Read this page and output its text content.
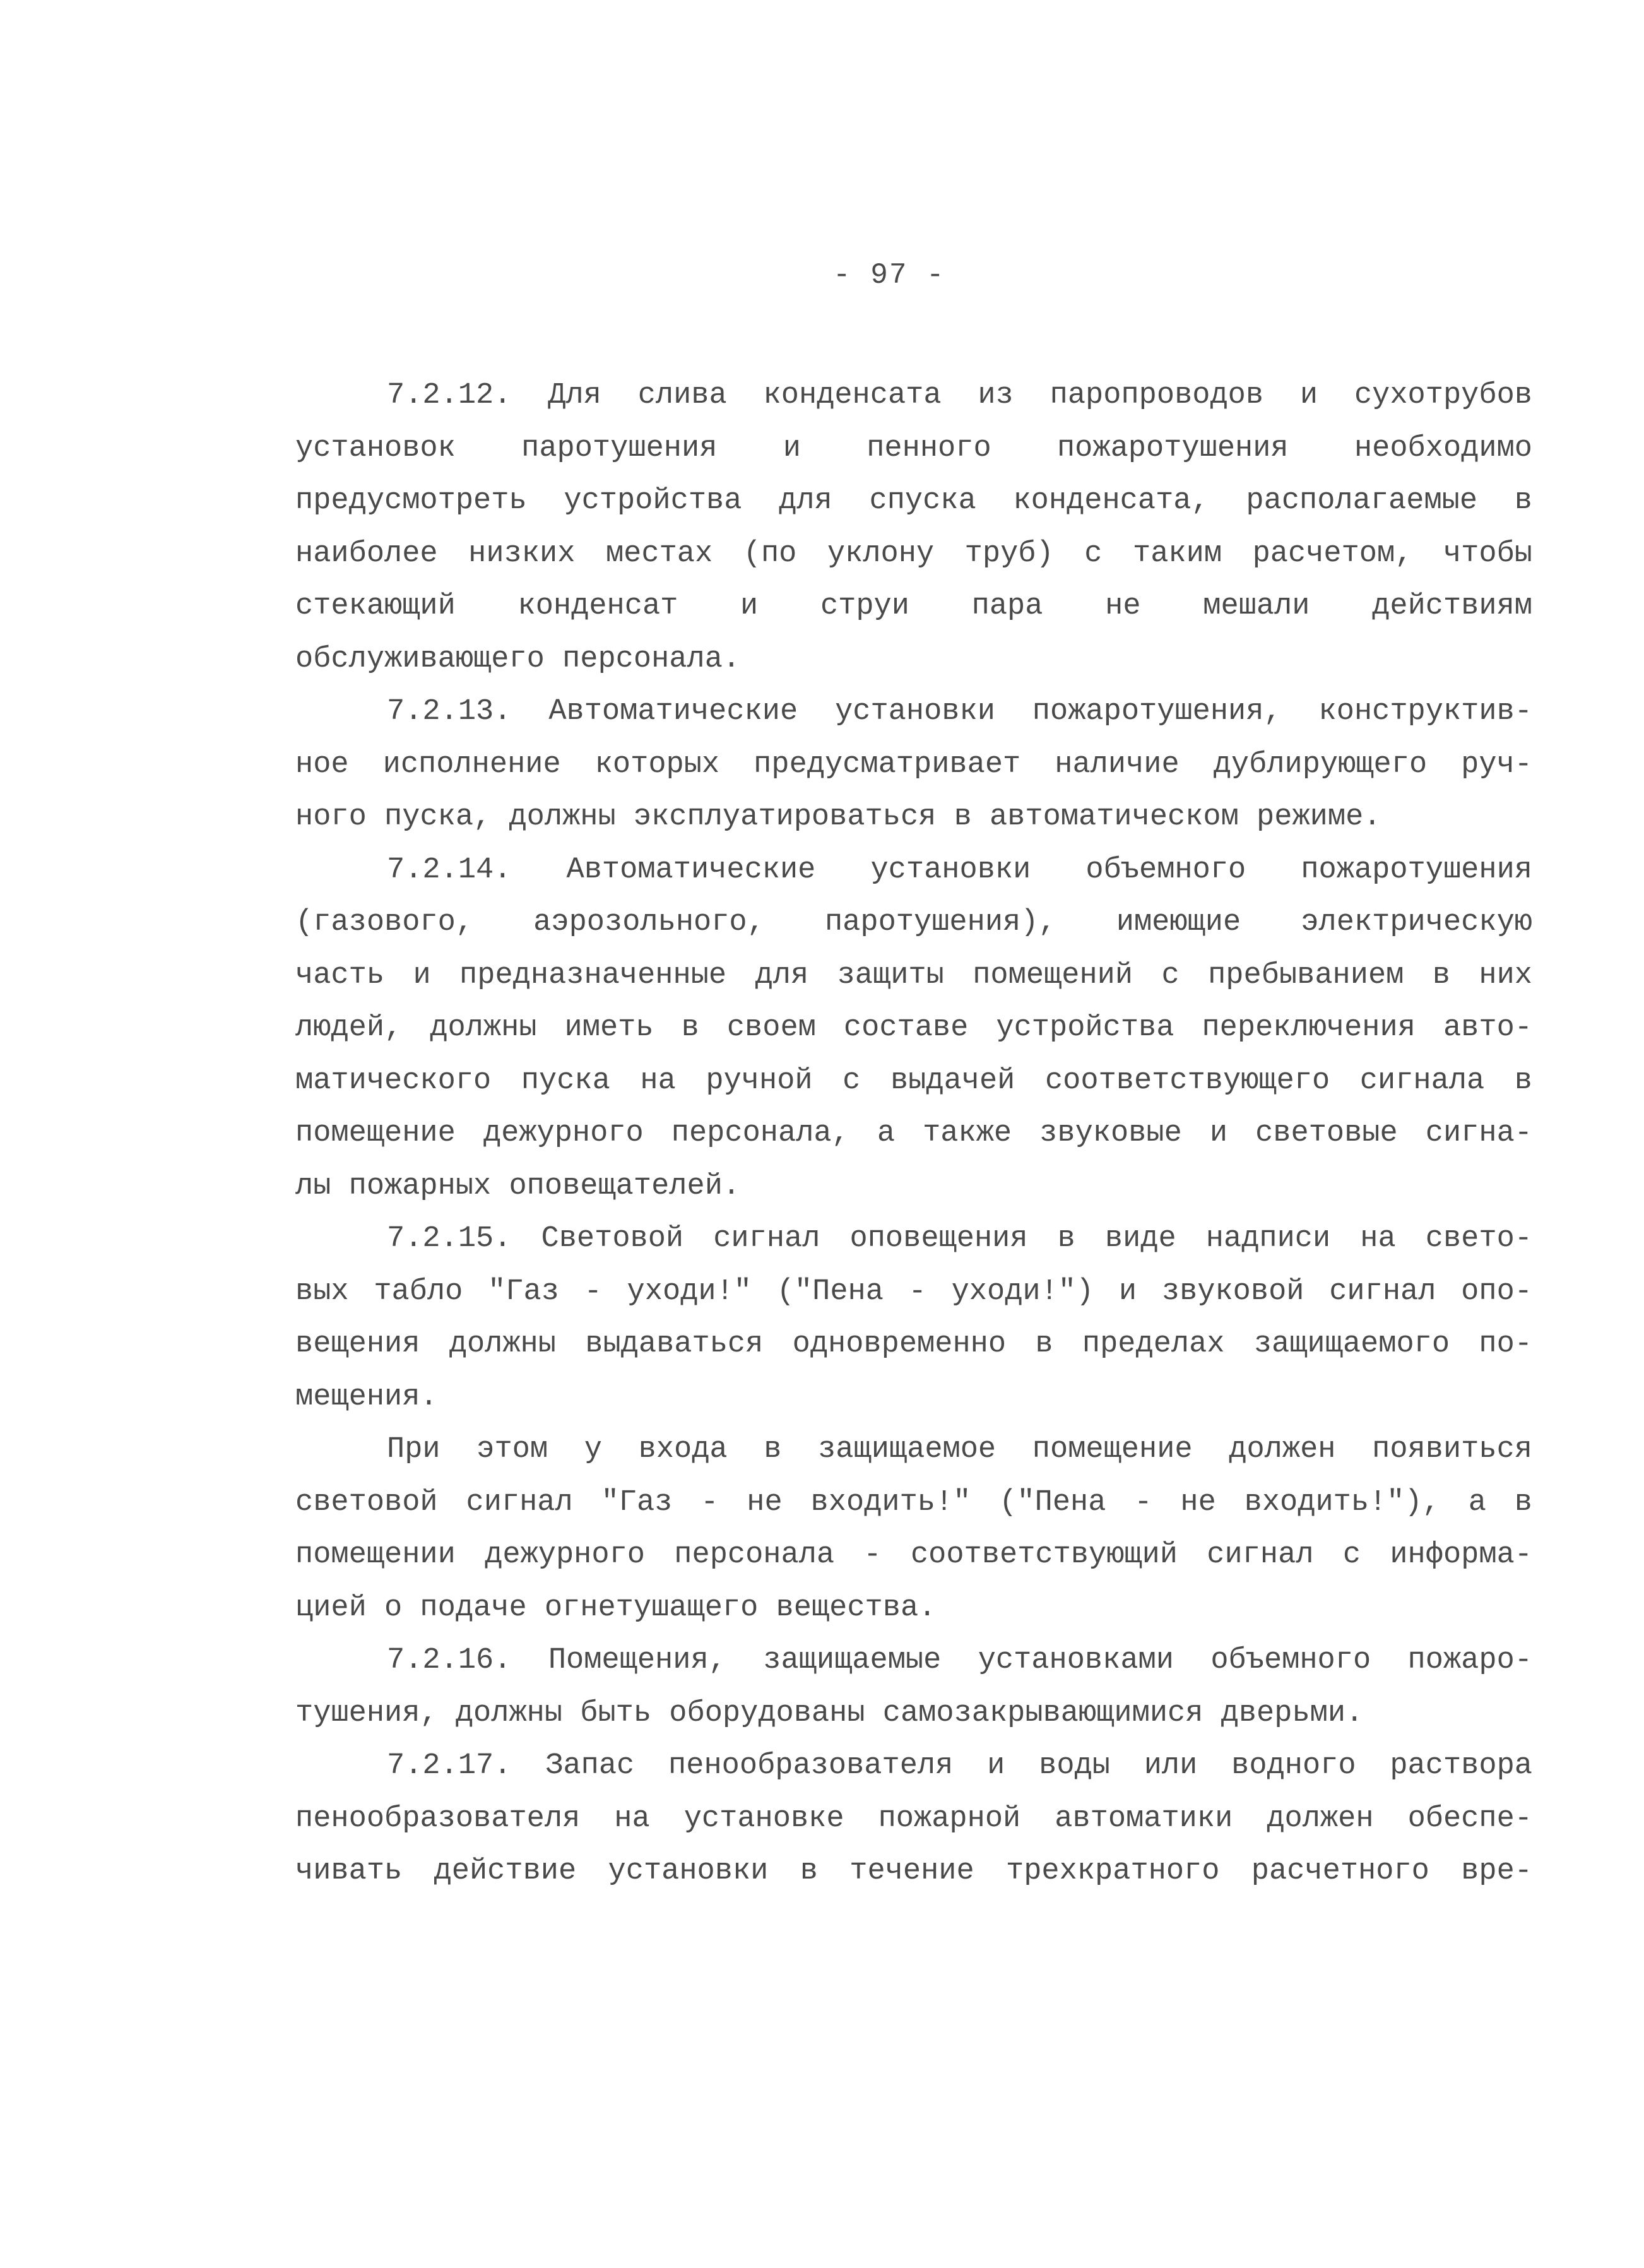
- 97 -
7.2.12. Для слива конденсата из паропроводов и сухотрубов
установок паротушения и пенного пожаротушения необходимо
предусмотреть устройства для спуска конденсата, располагаемые в
наиболее низких местах (по уклону труб) с таким расчетом, чтобы
стекающий конденсат и струи пара не мешали действиям
обслуживающего персонала.
7.2.13. Автоматические установки пожаротушения, конструктив-
ное исполнение которых предусматривает наличие дублирующего руч-
ного пуска, должны эксплуатироваться в автоматическом режиме.
7.2.14. Автоматические установки объемного пожаротушения
(газового, аэрозольного, паротушения), имеющие электрическую
часть и предназначенные для защиты помещений с пребыванием в них
людей, должны иметь в своем составе устройства переключения авто-
матического пуска на ручной с выдачей соответствующего сигнала в
помещение дежурного персонала, а также звуковые и световые сигна-
лы пожарных оповещателей.
7.2.15. Световой сигнал оповещения в виде надписи на свето-
вых табло "Газ - уходи!" ("Пена - уходи!") и звуковой сигнал опо-
вещения должны выдаваться одновременно в пределах защищаемого по-
мещения.
При этом у входа в защищаемое помещение должен появиться
световой сигнал "Газ - не входить!" ("Пена - не входить!"), а в
помещении дежурного персонала - соответствующий сигнал с информа-
цией о подаче огнетушащего вещества.
7.2.16. Помещения, защищаемые установками объемного пожаро-
тушения, должны быть оборудованы самозакрывающимися дверьми.
7.2.17. Запас пенообразователя и воды или водного раствора
пенообразователя на установке пожарной автоматики должен обеспе-
чивать действие установки в течение трехкратного расчетного вре-
